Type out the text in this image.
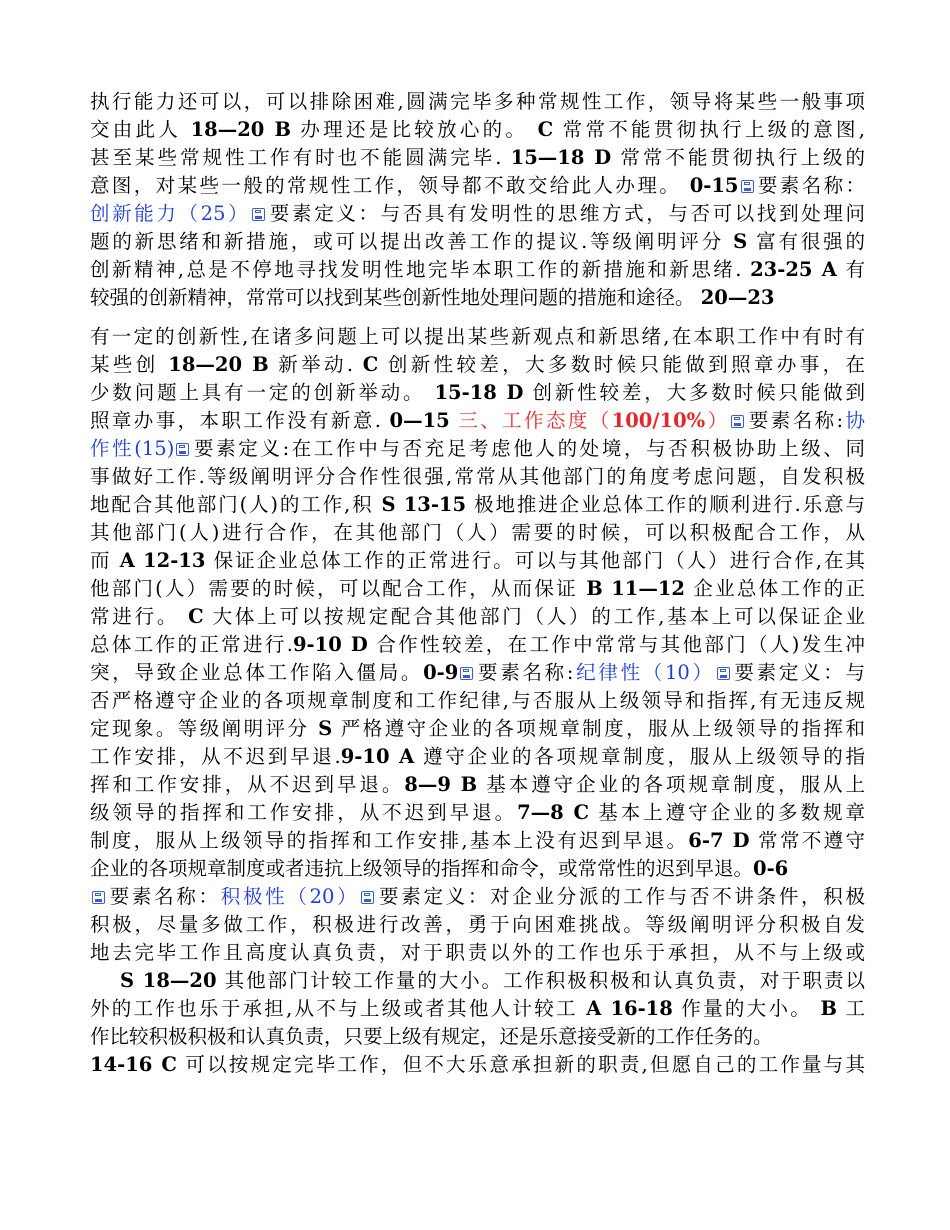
执行能力还可以，可以排除困难,圆满完毕多种常规性工作，领导将某些一般事项
交由此人 18—20 B 办理还是比较放心的。 C 常常不能贯彻执行上级的意图,
甚至某些常规性工作有时也不能圆满完毕. 15—18 D 常常不能贯彻执行上级的
意图，对某些一般的常规性工作，领导都不敢交给此人办理。 0-15 要素名称：
创新能力（25） 要素定义：与否具有发明性的思维方式，与否可以找到处理问
题的新思绪和新措施，或可以提出改善工作的提议.等级阐明评分 S 富有很强的
创新精神,总是不停地寻找发明性地完毕本职工作的新措施和新思绪. 23-25 A 有
较强的创新精神，常常可以找到某些创新性地处理问题的措施和途径。 20—23
有一定的创新性,在诸多问题上可以提出某些新观点和新思绪,在本职工作中有时有
某些创 18—20 B 新举动. C 创新性较差，大多数时候只能做到照章办事，在
少数问题上具有一定的创新举动。 15-18 D 创新性较差，大多数时候只能做到
照章办事，本职工作没有新意. 0—15 三、工作态度（100/10%） 要素名称:协
作性(15) 要素定义:在工作中与否充足考虑他人的处境，与否积极协助上级、同
事做好工作.等级阐明评分合作性很强,常常从其他部门的角度考虑问题，自发积极
地配合其他部门(人)的工作,积 S 13-15 极地推进企业总体工作的顺利进行.乐意与
其他部门(人)进行合作，在其他部门（人）需要的时候，可以积极配合工作，从
而 A 12-13 保证企业总体工作的正常进行。可以与其他部门（人）进行合作,在其
他部门(人）需要的时候，可以配合工作，从而保证 B 11—12 企业总体工作的正
常进行。 C 大体上可以按规定配合其他部门（人）的工作,基本上可以保证企业
总体工作的正常进行.9-10 D 合作性较差，在工作中常常与其他部门（人)发生冲
突，导致企业总体工作陷入僵局。0-9 要素名称:纪律性（10） 要素定义：与
否严格遵守企业的各项规章制度和工作纪律,与否服从上级领导和指挥,有无违反规
定现象。等级阐明评分 S 严格遵守企业的各项规章制度，服从上级领导的指挥和
工作安排，从不迟到早退.9-10 A 遵守企业的各项规章制度，服从上级领导的指
挥和工作安排，从不迟到早退。8—9 B 基本遵守企业的各项规章制度，服从上
级领导的指挥和工作安排，从不迟到早退。7—8 C 基本上遵守企业的多数规章
制度，服从上级领导的指挥和工作安排,基本上没有迟到早退。6-7 D 常常不遵守
企业的各项规章制度或者违抗上级领导的指挥和命令，或常常性的迟到早退。0-6
要素名称：积极性（20） 要素定义：对企业分派的工作与否不讲条件，积极
积极，尽量多做工作，积极进行改善，勇于向困难挑战。等级阐明评分积极自发
地去完毕工作且高度认真负责，对于职责以外的工作也乐于承担，从不与上级或
S 18—20 其他部门计较工作量的大小。工作积极积极和认真负责，对于职责以
外的工作也乐于承担,从不与上级或者其他人计较工 A 16-18 作量的大小。 B 工
作比较积极积极和认真负责，只要上级有规定，还是乐意接受新的工作任务的。
14-16 C 可以按规定完毕工作，但不大乐意承担新的职责,但愿自己的工作量与其
